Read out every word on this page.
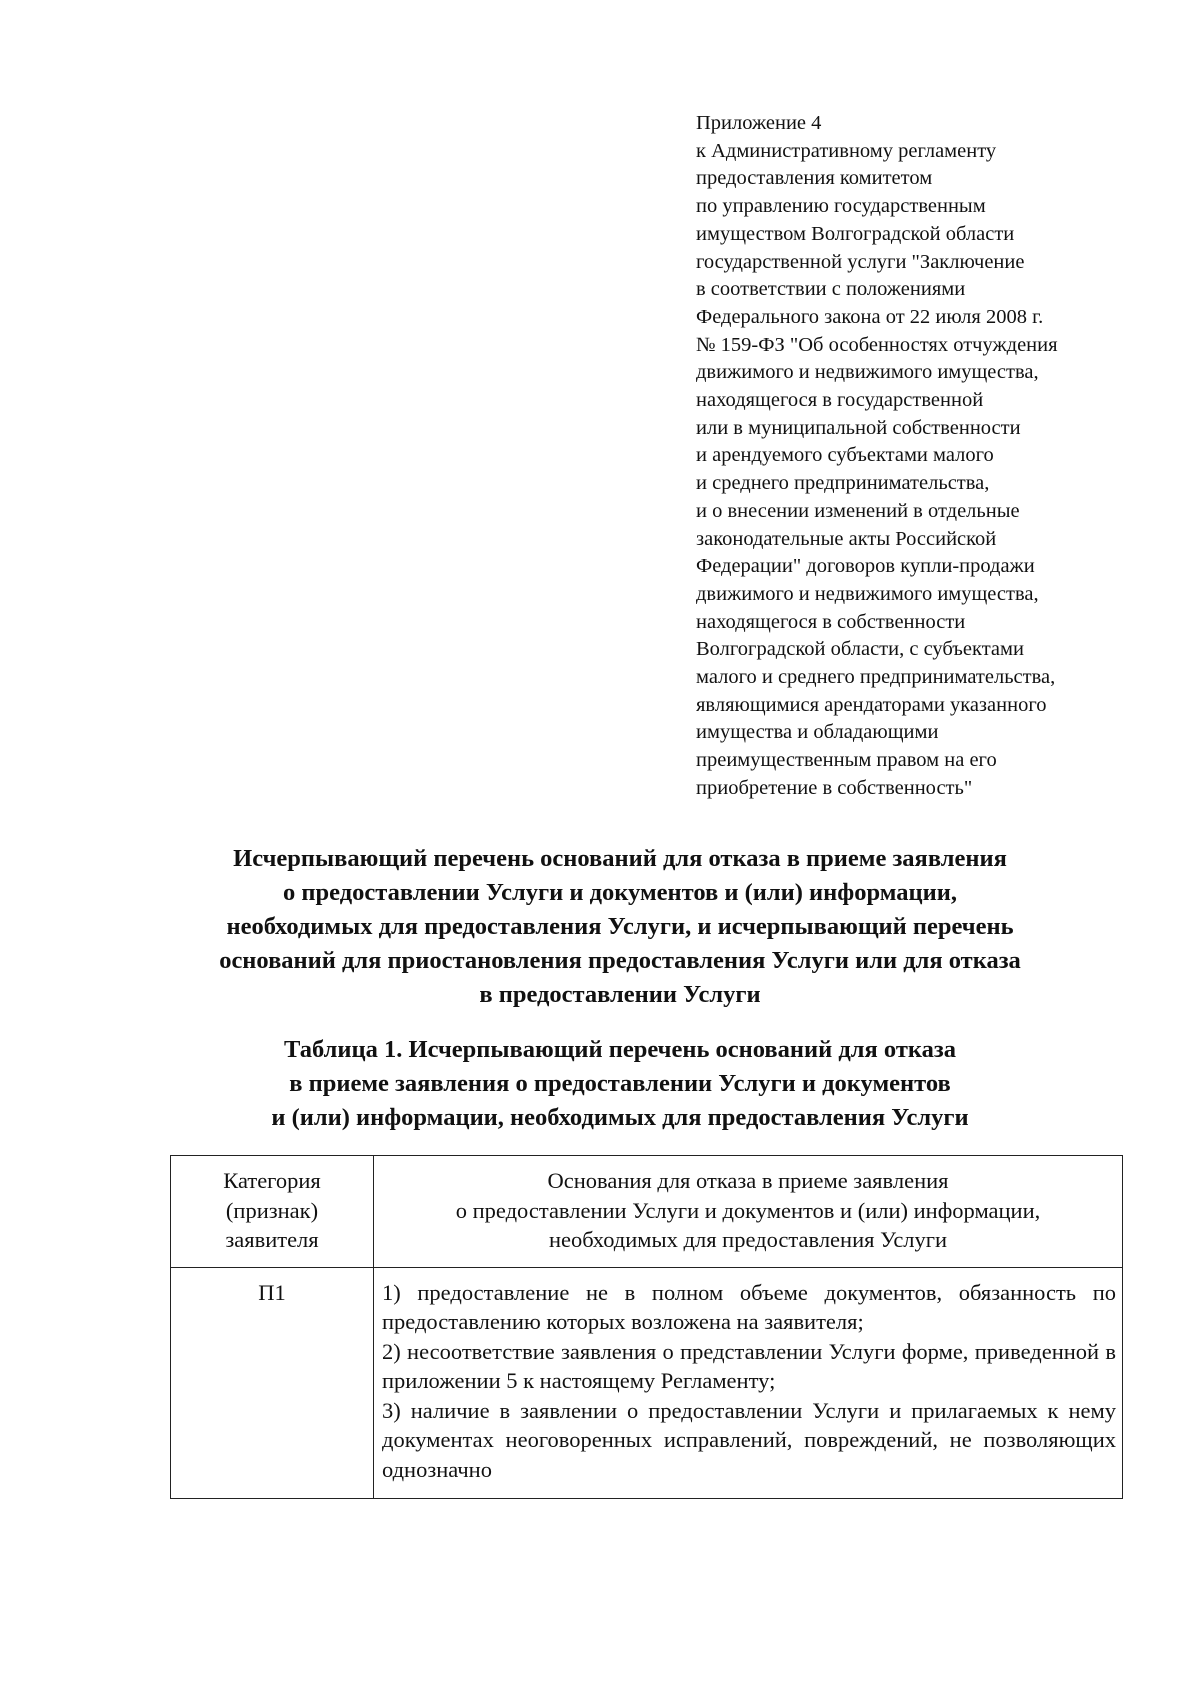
Приложение 4
к Административному регламенту
предоставления комитетом
по управлению государственным
имуществом Волгоградской области
государственной услуги "Заключение
в соответствии с положениями
Федерального закона от 22 июля 2008 г.
№ 159-ФЗ "Об особенностях отчуждения
движимого и недвижимого имущества,
находящегося в государственной
или в муниципальной собственности
и арендуемого субъектами малого
и среднего предпринимательства,
и о внесении изменений в отдельные
законодательные акты Российской
Федерации" договоров купли-продажи
движимого и недвижимого имущества,
находящегося в собственности
Волгоградской области, с субъектами
малого и среднего предпринимательства,
являющимися арендаторами указанного
имущества и обладающими
преимущественным правом на его
приобретение в собственность"
Исчерпывающий перечень оснований для отказа в приеме заявления
о предоставлении Услуги и документов и (или) информации,
необходимых для предоставления Услуги, и исчерпывающий перечень
оснований для приостановления предоставления Услуги или для отказа
в предоставлении Услуги
Таблица 1. Исчерпывающий перечень оснований для отказа
в приеме заявления о предоставлении Услуги и документов
и (или) информации, необходимых для предоставления Услуги
Категория
(признак)
заявителя	Основания для отказа в приеме заявления
о предоставлении Услуги и документов и (или) информации,
необходимых для предоставления Услуги

П1	1) предоставление не в полном объеме документов, обязанность по предоставлению которых возложена на заявителя;
2) несоответствие заявления о представлении Услуги форме, приведенной в приложении 5 к настоящему Регламенту;
3) наличие в заявлении о предоставлении Услуги и прилагаемых к нему документах неоговоренных исправлений, повреждений, не позволяющих однозначно
